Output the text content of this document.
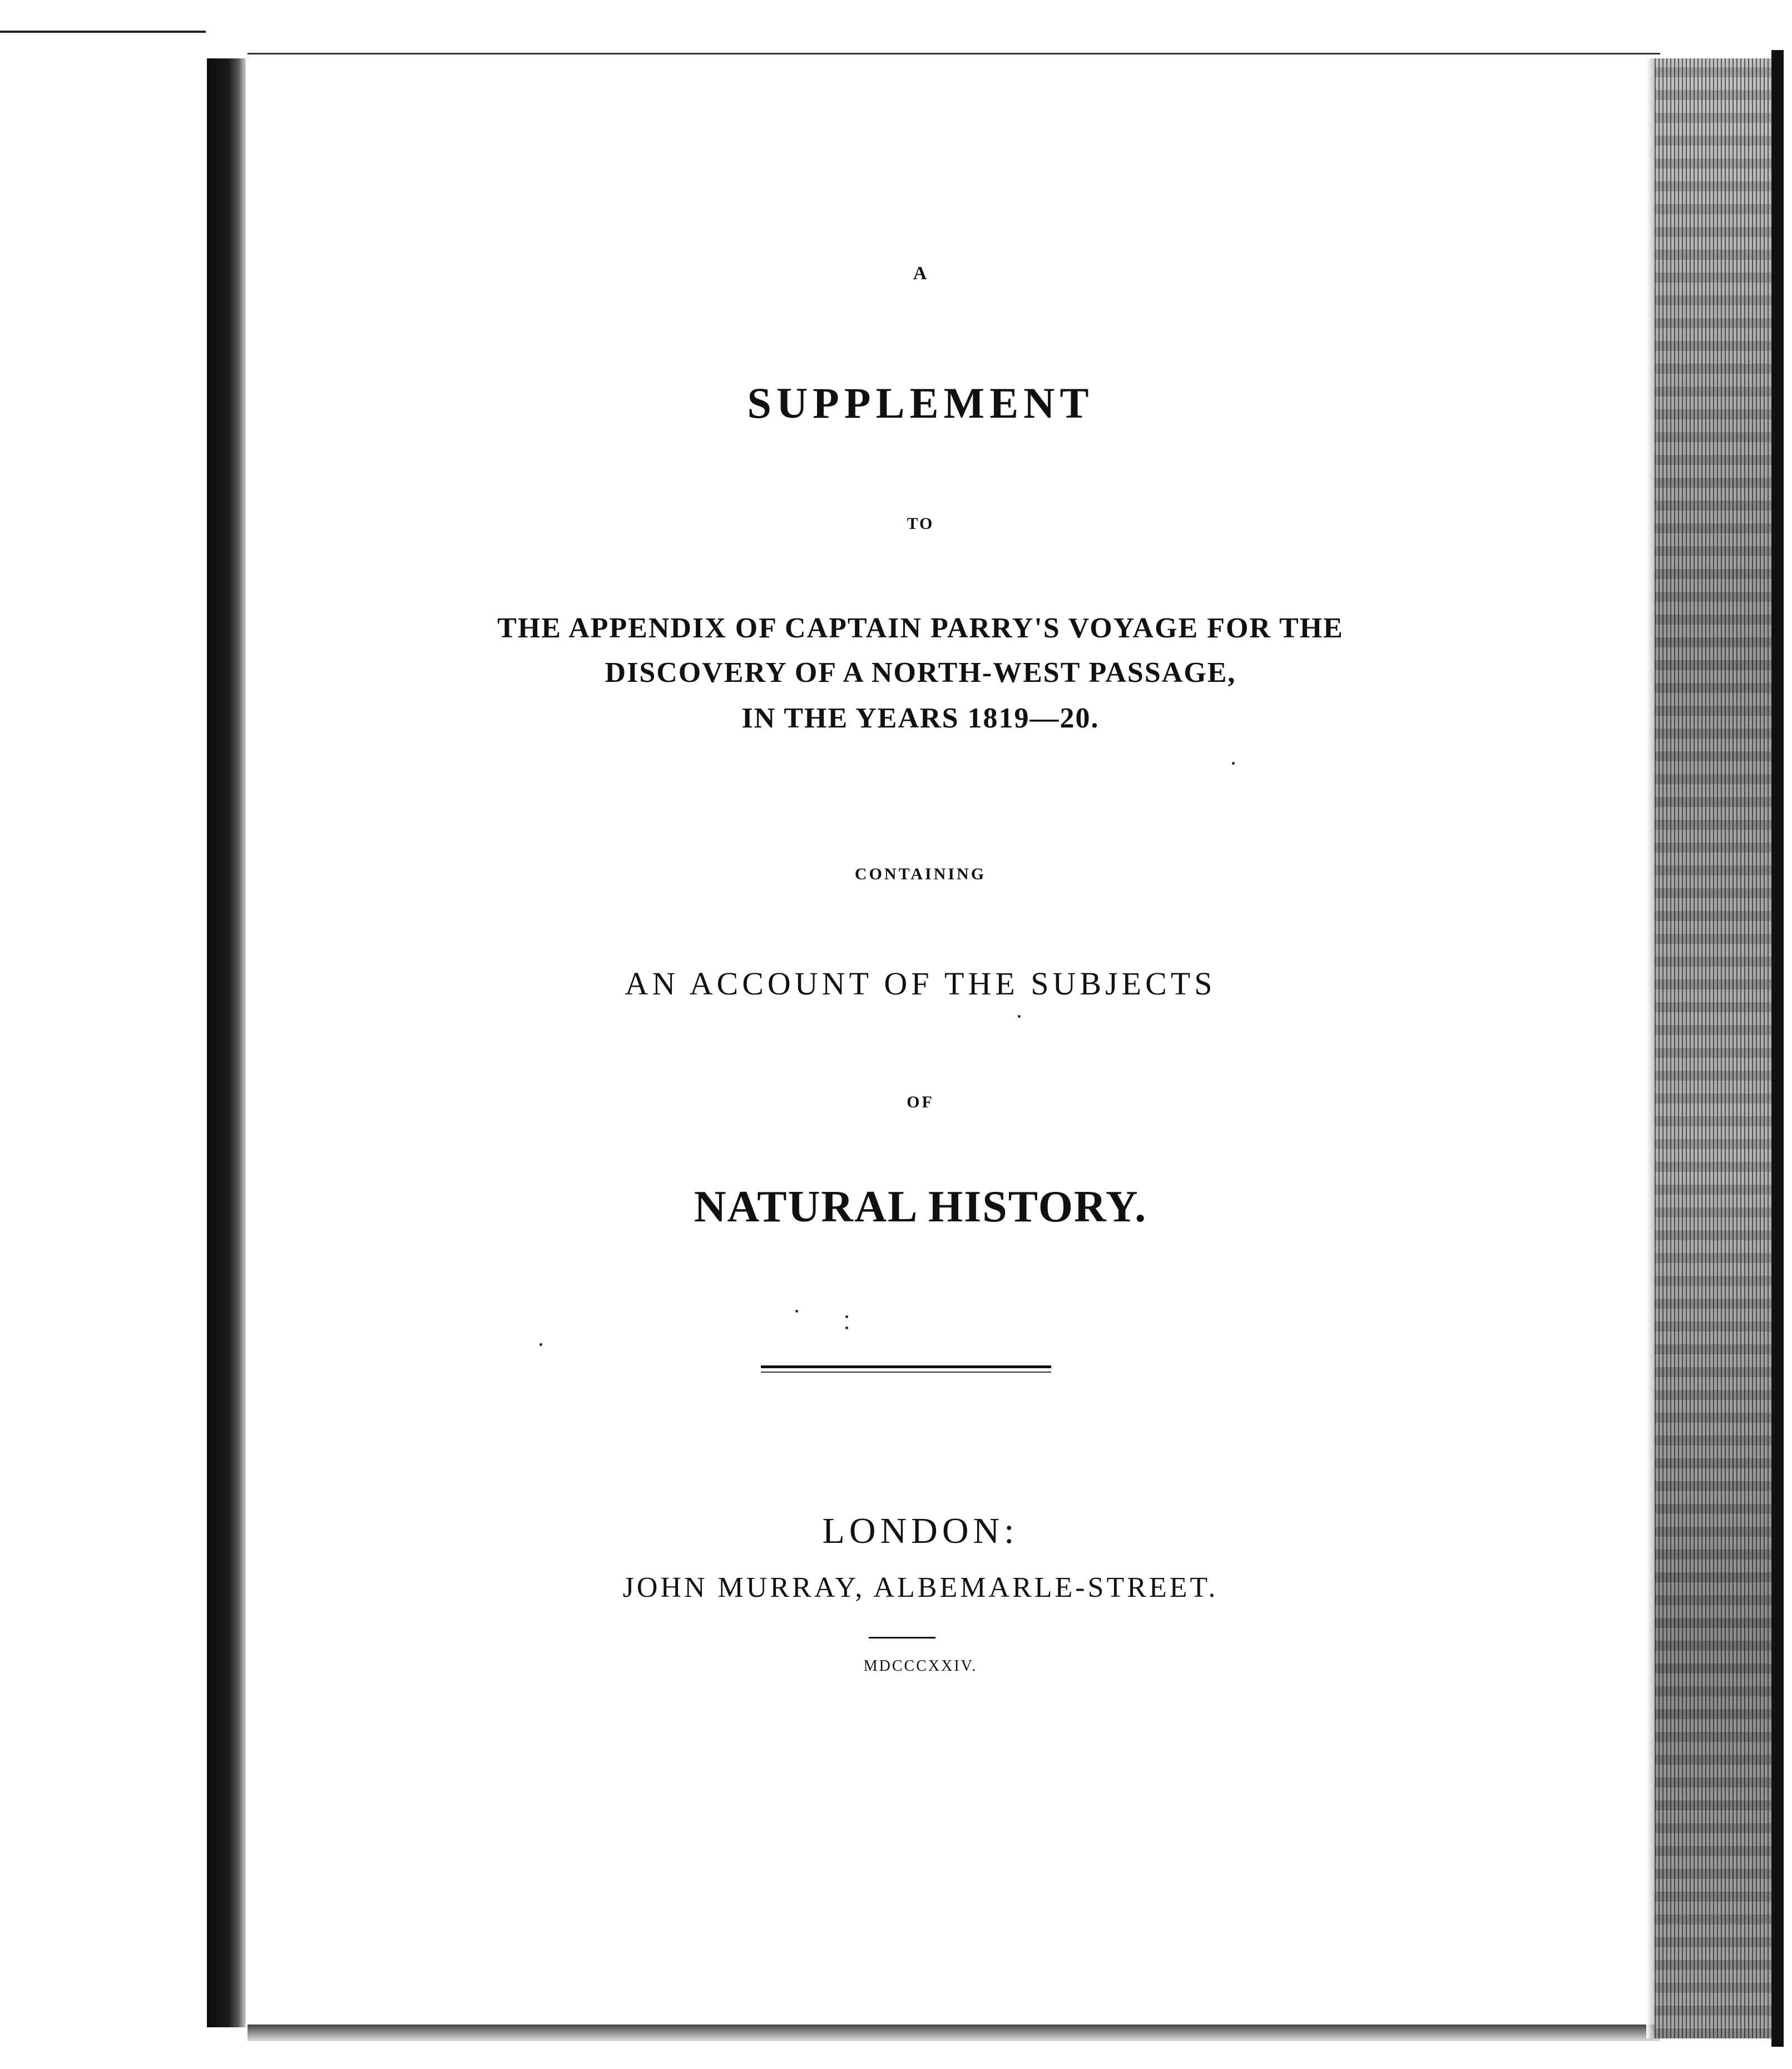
A
SUPPLEMENT
TO
THE APPENDIX OF CAPTAIN PARRY'S VOYAGE FOR THE
DISCOVERY OF A NORTH-WEST PASSAGE,
IN THE YEARS 1819—20.
CONTAINING
AN ACCOUNT OF THE SUBJECTS
OF
NATURAL HISTORY.
LONDON:
JOHN MURRAY, ALBEMARLE-STREET.
MDCCCXXIV.
